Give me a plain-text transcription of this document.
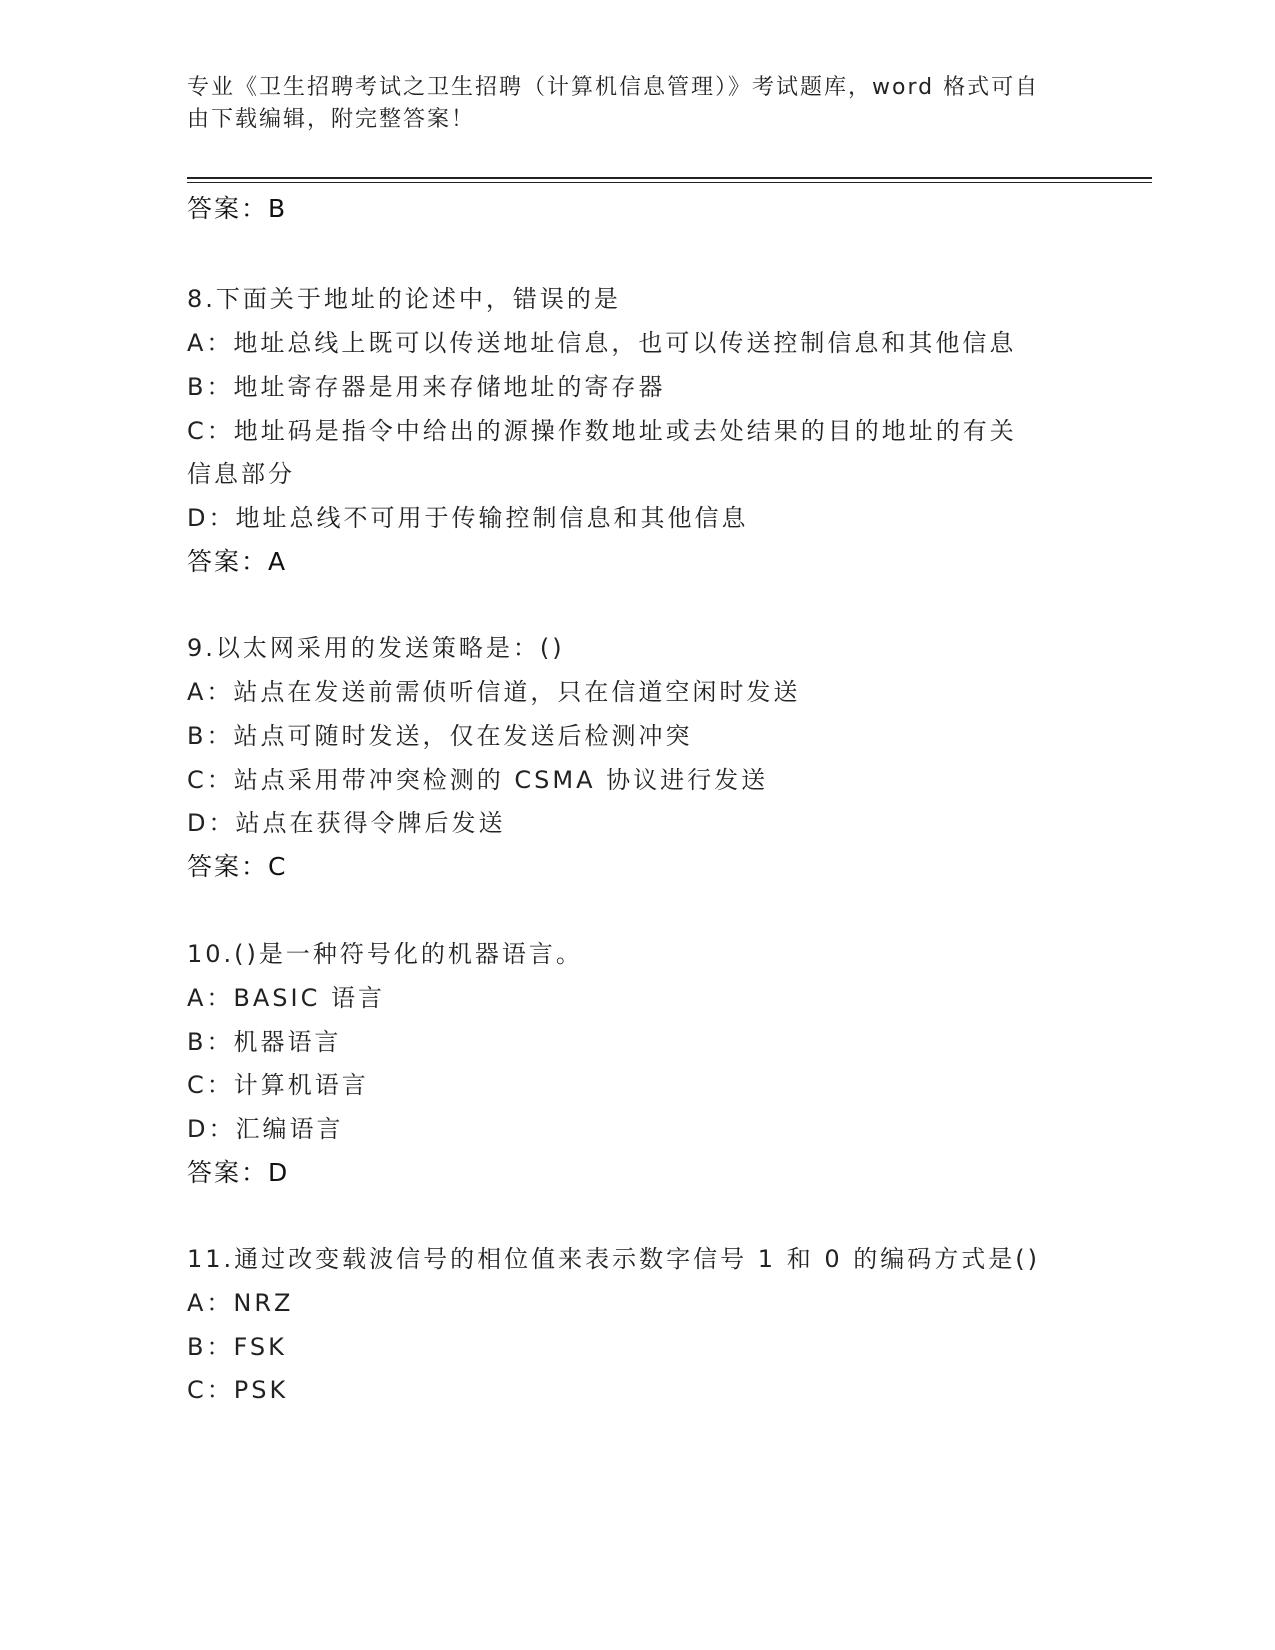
专业《卫生招聘考试之卫生招聘（计算机信息管理）》考试题库，word 格式可自
由下载编辑，附完整答案！
答案：B
8.下面关于地址的论述中，错误的是
A：地址总线上既可以传送地址信息，也可以传送控制信息和其他信息
B：地址寄存器是用来存储地址的寄存器
C：地址码是指令中给出的源操作数地址或去处结果的目的地址的有关
信息部分
D：地址总线不可用于传输控制信息和其他信息
答案：A
9.以太网采用的发送策略是：()
A：站点在发送前需侦听信道，只在信道空闲时发送
B：站点可随时发送，仅在发送后检测冲突
C：站点采用带冲突检测的 CSMA 协议进行发送
D：站点在获得令牌后发送
答案：C
10.()是一种符号化的机器语言。
A：BASIC 语言
B：机器语言
C：计算机语言
D：汇编语言
答案：D
11.通过改变载波信号的相位值来表示数字信号 1 和 0 的编码方式是()
A：NRZ
B：FSK
C：PSK
